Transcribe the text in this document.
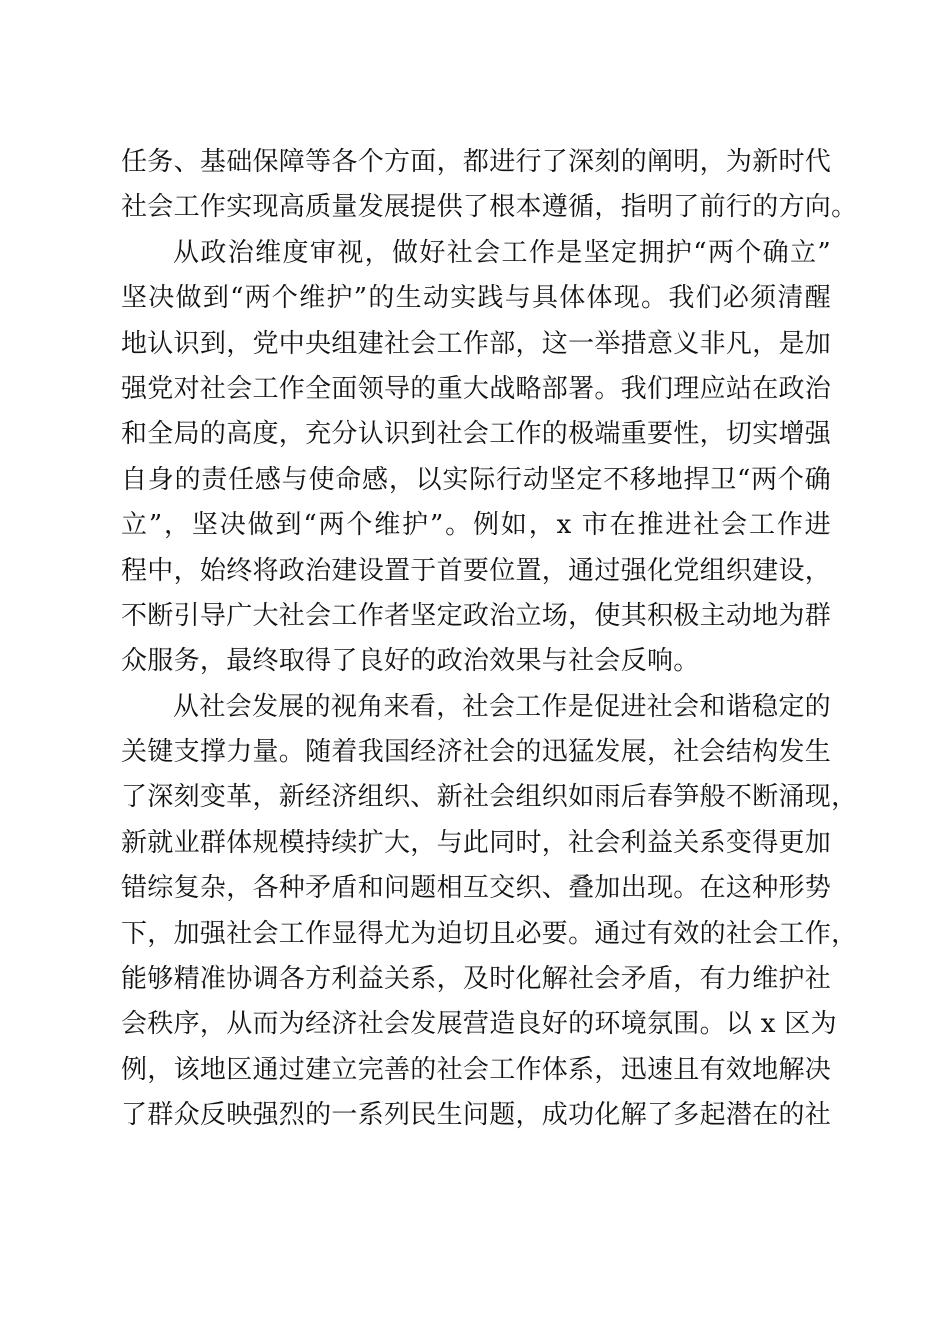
任务、基础保障等各个方面，都进行了深刻的阐明，为新时代
社会工作实现高质量发展提供了根本遵循，指明了前行的方向。
从政治维度审视，做好社会工作是坚定拥护“两个确立”
坚决做到“两个维护”的生动实践与具体体现。我们必须清醒
地认识到，党中央组建社会工作部，这一举措意义非凡，是加
强党对社会工作全面领导的重大战略部署。我们理应站在政治
和全局的高度，充分认识到社会工作的极端重要性，切实增强
自身的责任感与使命感，以实际行动坚定不移地捍卫“两个确
立”，坚决做到“两个维护”。例如，x 市在推进社会工作进
程中，始终将政治建设置于首要位置，通过强化党组织建设，
不断引导广大社会工作者坚定政治立场，使其积极主动地为群
众服务，最终取得了良好的政治效果与社会反响。
从社会发展的视角来看，社会工作是促进社会和谐稳定的
关键支撑力量。随着我国经济社会的迅猛发展，社会结构发生
了深刻变革，新经济组织、新社会组织如雨后春笋般不断涌现，
新就业群体规模持续扩大，与此同时，社会利益关系变得更加
错综复杂，各种矛盾和问题相互交织、叠加出现。在这种形势
下，加强社会工作显得尤为迫切且必要。通过有效的社会工作，
能够精准协调各方利益关系，及时化解社会矛盾，有力维护社
会秩序，从而为经济社会发展营造良好的环境氛围。以 x 区为
例，该地区通过建立完善的社会工作体系，迅速且有效地解决
了群众反映强烈的一系列民生问题，成功化解了多起潜在的社
